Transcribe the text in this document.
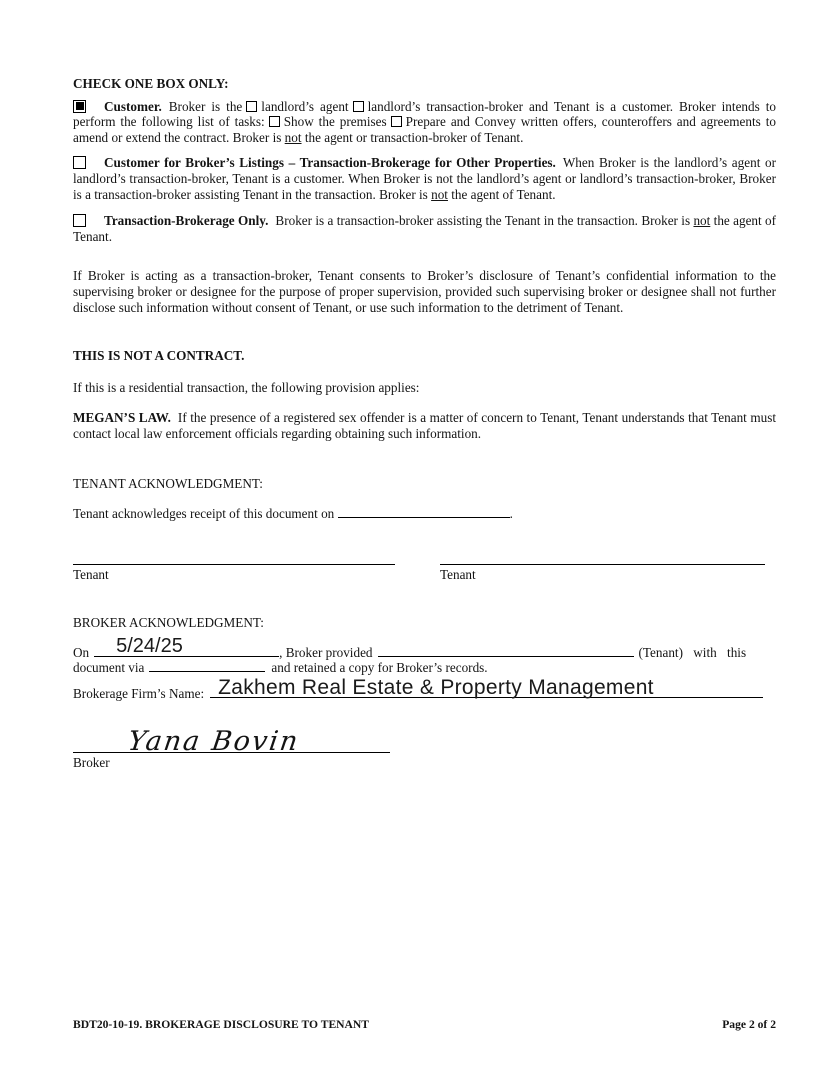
CHECK ONE BOX ONLY:

Customer. Broker is the landlord’s agent landlord’s transaction-broker and Tenant is a customer. Broker intends to perform the following list of tasks: Show the premises Prepare and Convey written offers, counteroffers and agreements to amend or extend the contract. Broker is not the agent or transaction-broker of Tenant.

Customer for Broker’s Listings – Transaction-Brokerage for Other Properties. When Broker is the landlord’s agent or landlord’s transaction-broker, Tenant is a customer. When Broker is not the landlord’s agent or landlord’s transaction-broker, Broker is a transaction-broker assisting Tenant in the transaction. Broker is not the agent of Tenant.

Transaction-Brokerage Only. Broker is a transaction-broker assisting the Tenant in the transaction. Broker is not the agent of Tenant.

If Broker is acting as a transaction-broker, Tenant consents to Broker’s disclosure of Tenant’s confidential information to the supervising broker or designee for the purpose of proper supervision, provided such supervising broker or designee shall not further disclose such information without consent of Tenant, or use such information to the detriment of Tenant.

THIS IS NOT A CONTRACT.

If this is a residential transaction, the following provision applies:

MEGAN’S LAW. If the presence of a registered sex offender is a matter of concern to Tenant, Tenant understands that Tenant must contact local law enforcement officials regarding obtaining such information.

TENANT ACKNOWLEDGMENT:

Tenant acknowledges receipt of this document on	.

Tenant	Tenant

BROKER ACKNOWLEDGMENT:

On 5/24/25	, Broker provided	(Tenant) with this
document via	and retained a copy for Broker’s records.
Brokerage Firm’s Name: Zakhem Real Estate & Property Management
Yana Bovin
Broker
BDT20-10-19. BROKERAGE DISCLOSURE TO TENANT	Page 2 of 2
